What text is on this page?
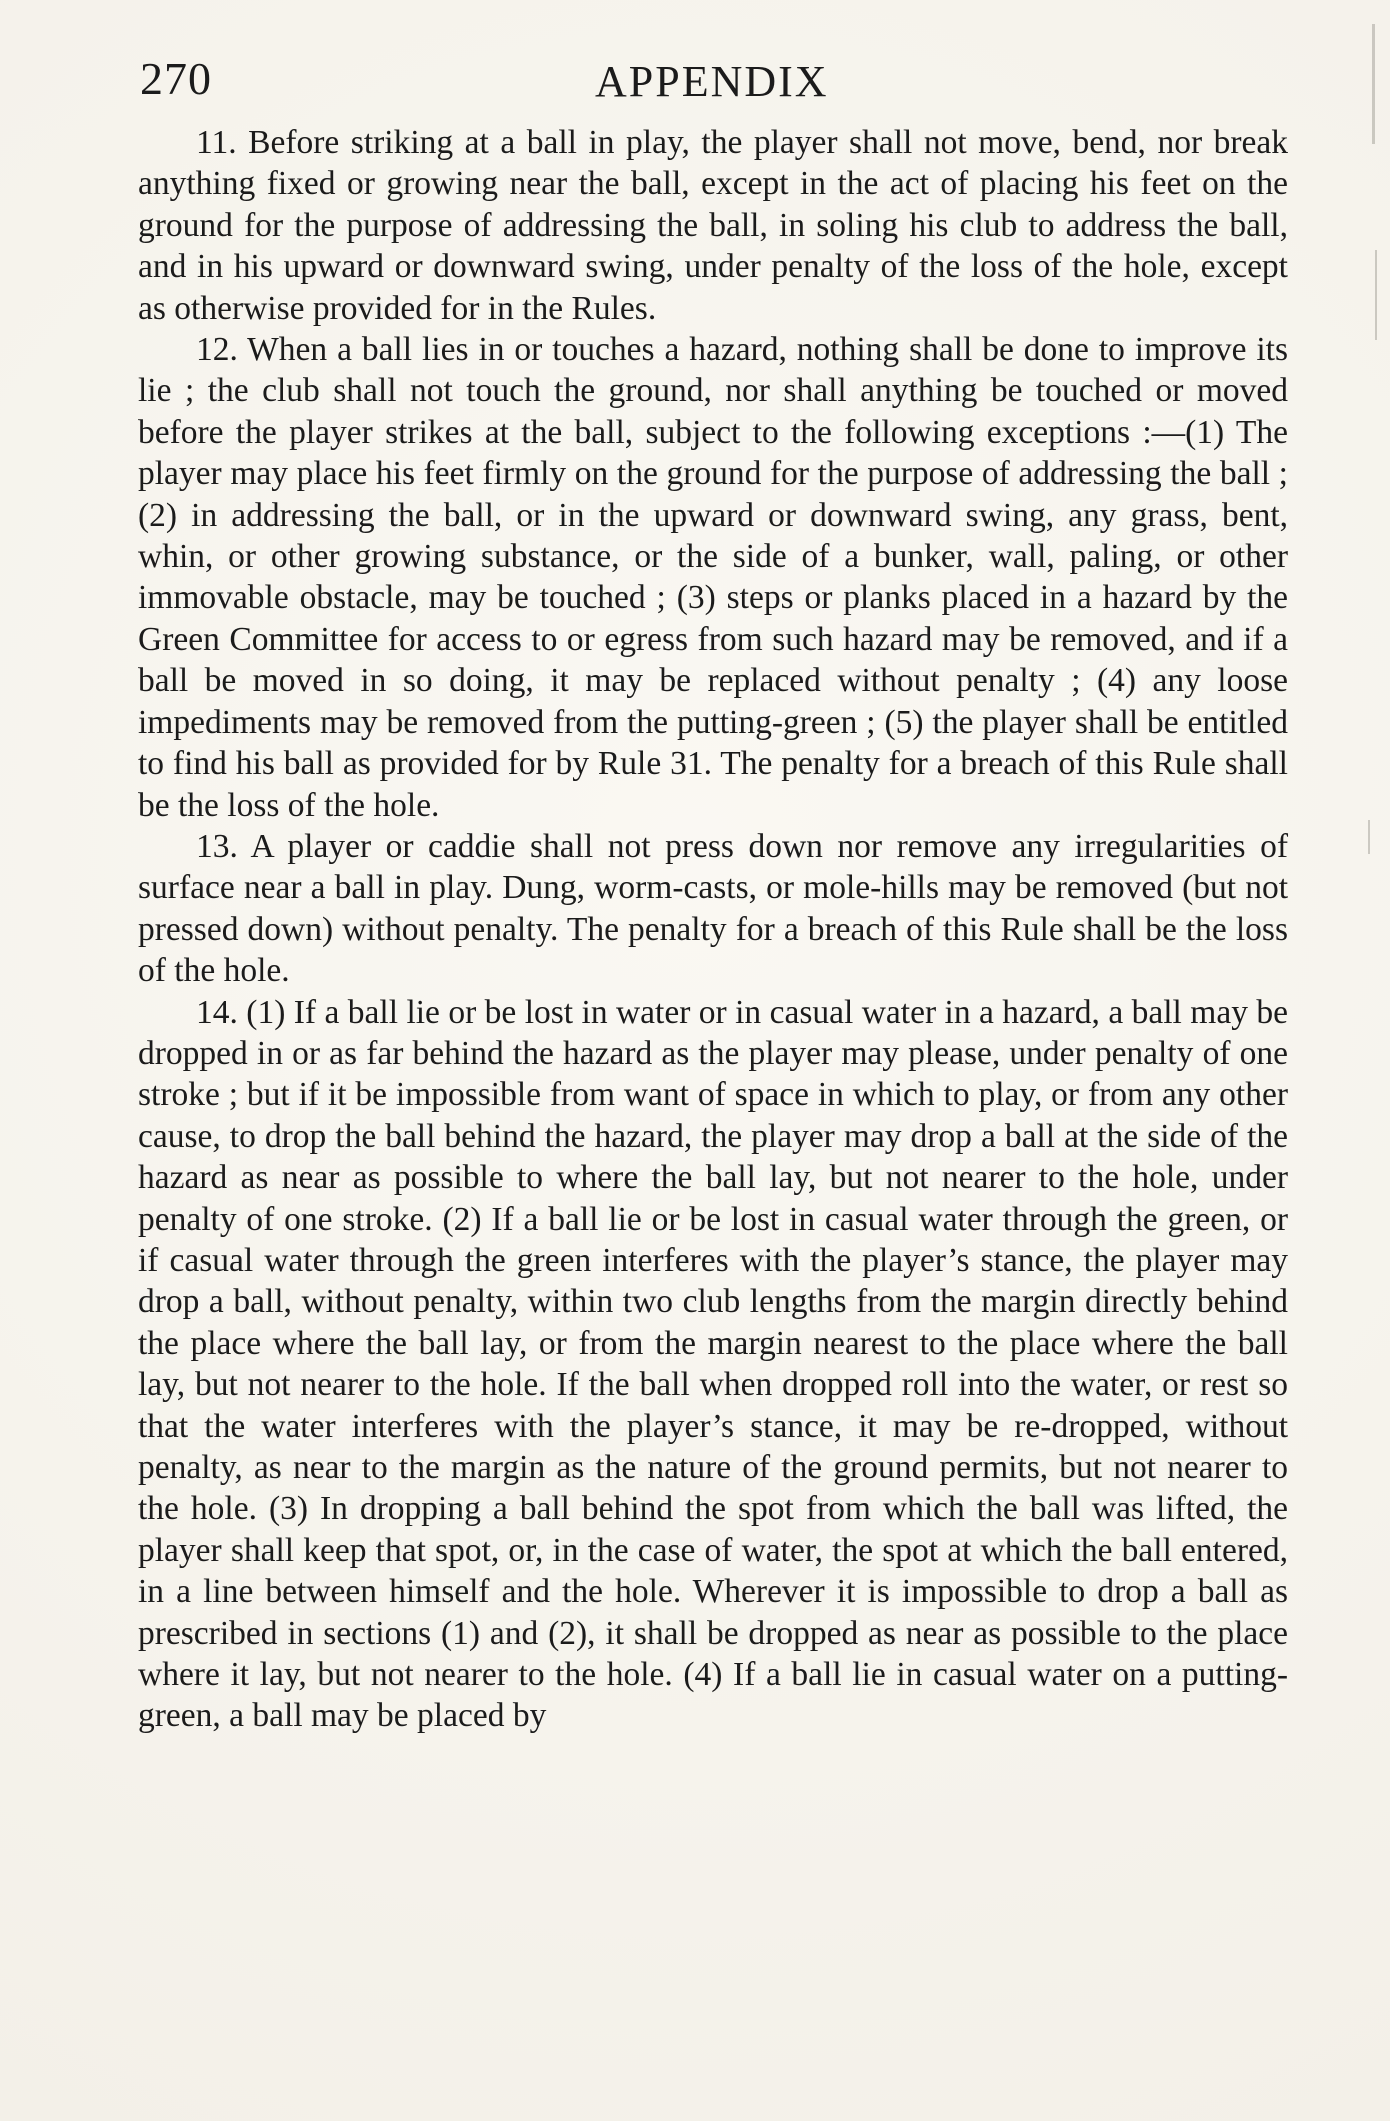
270	APPENDIX

11. Before striking at a ball in play, the player shall not move, bend, nor break anything fixed or growing near the ball, except in the act of placing his feet on the ground for the purpose of addressing the ball, in soling his club to address the ball, and in his upward or downward swing, under penalty of the loss of the hole, except as otherwise provided for in the Rules.

12. When a ball lies in or touches a hazard, nothing shall be done to improve its lie ; the club shall not touch the ground, nor shall anything be touched or moved before the player strikes at the ball, subject to the following exceptions :—(1) The player may place his feet firmly on the ground for the purpose of addressing the ball ; (2) in addressing the ball, or in the upward or downward swing, any grass, bent, whin, or other growing substance, or the side of a bunker, wall, paling, or other immovable obstacle, may be touched ; (3) steps or planks placed in a hazard by the Green Committee for access to or egress from such hazard may be removed, and if a ball be moved in so doing, it may be replaced without penalty ; (4) any loose impediments may be removed from the putting-green ; (5) the player shall be entitled to find his ball as provided for by Rule 31. The penalty for a breach of this Rule shall be the loss of the hole.

13. A player or caddie shall not press down nor remove any irregularities of surface near a ball in play. Dung, worm-casts, or mole-hills may be removed (but not pressed down) without penalty. The penalty for a breach of this Rule shall be the loss of the hole.

14. (1) If a ball lie or be lost in water or in casual water in a hazard, a ball may be dropped in or as far behind the hazard as the player may please, under penalty of one stroke ; but if it be impossible from want of space in which to play, or from any other cause, to drop the ball behind the hazard, the player may drop a ball at the side of the hazard as near as possible to where the ball lay, but not nearer to the hole, under penalty of one stroke. (2) If a ball lie or be lost in casual water through the green, or if casual water through the green interferes with the player’s stance, the player may drop a ball, without penalty, within two club lengths from the margin directly behind the place where the ball lay, or from the margin nearest to the place where the ball lay, but not nearer to the hole. If the ball when dropped roll into the water, or rest so that the water interferes with the player’s stance, it may be re-dropped, without penalty, as near to the margin as the nature of the ground permits, but not nearer to the hole. (3) In dropping a ball behind the spot from which the ball was lifted, the player shall keep that spot, or, in the case of water, the spot at which the ball entered, in a line between himself and the hole. Wherever it is impossible to drop a ball as prescribed in sections (1) and (2), it shall be dropped as near as possible to the place where it lay, but not nearer to the hole. (4) If a ball lie in casual water on a putting-green, a ball may be placed by
